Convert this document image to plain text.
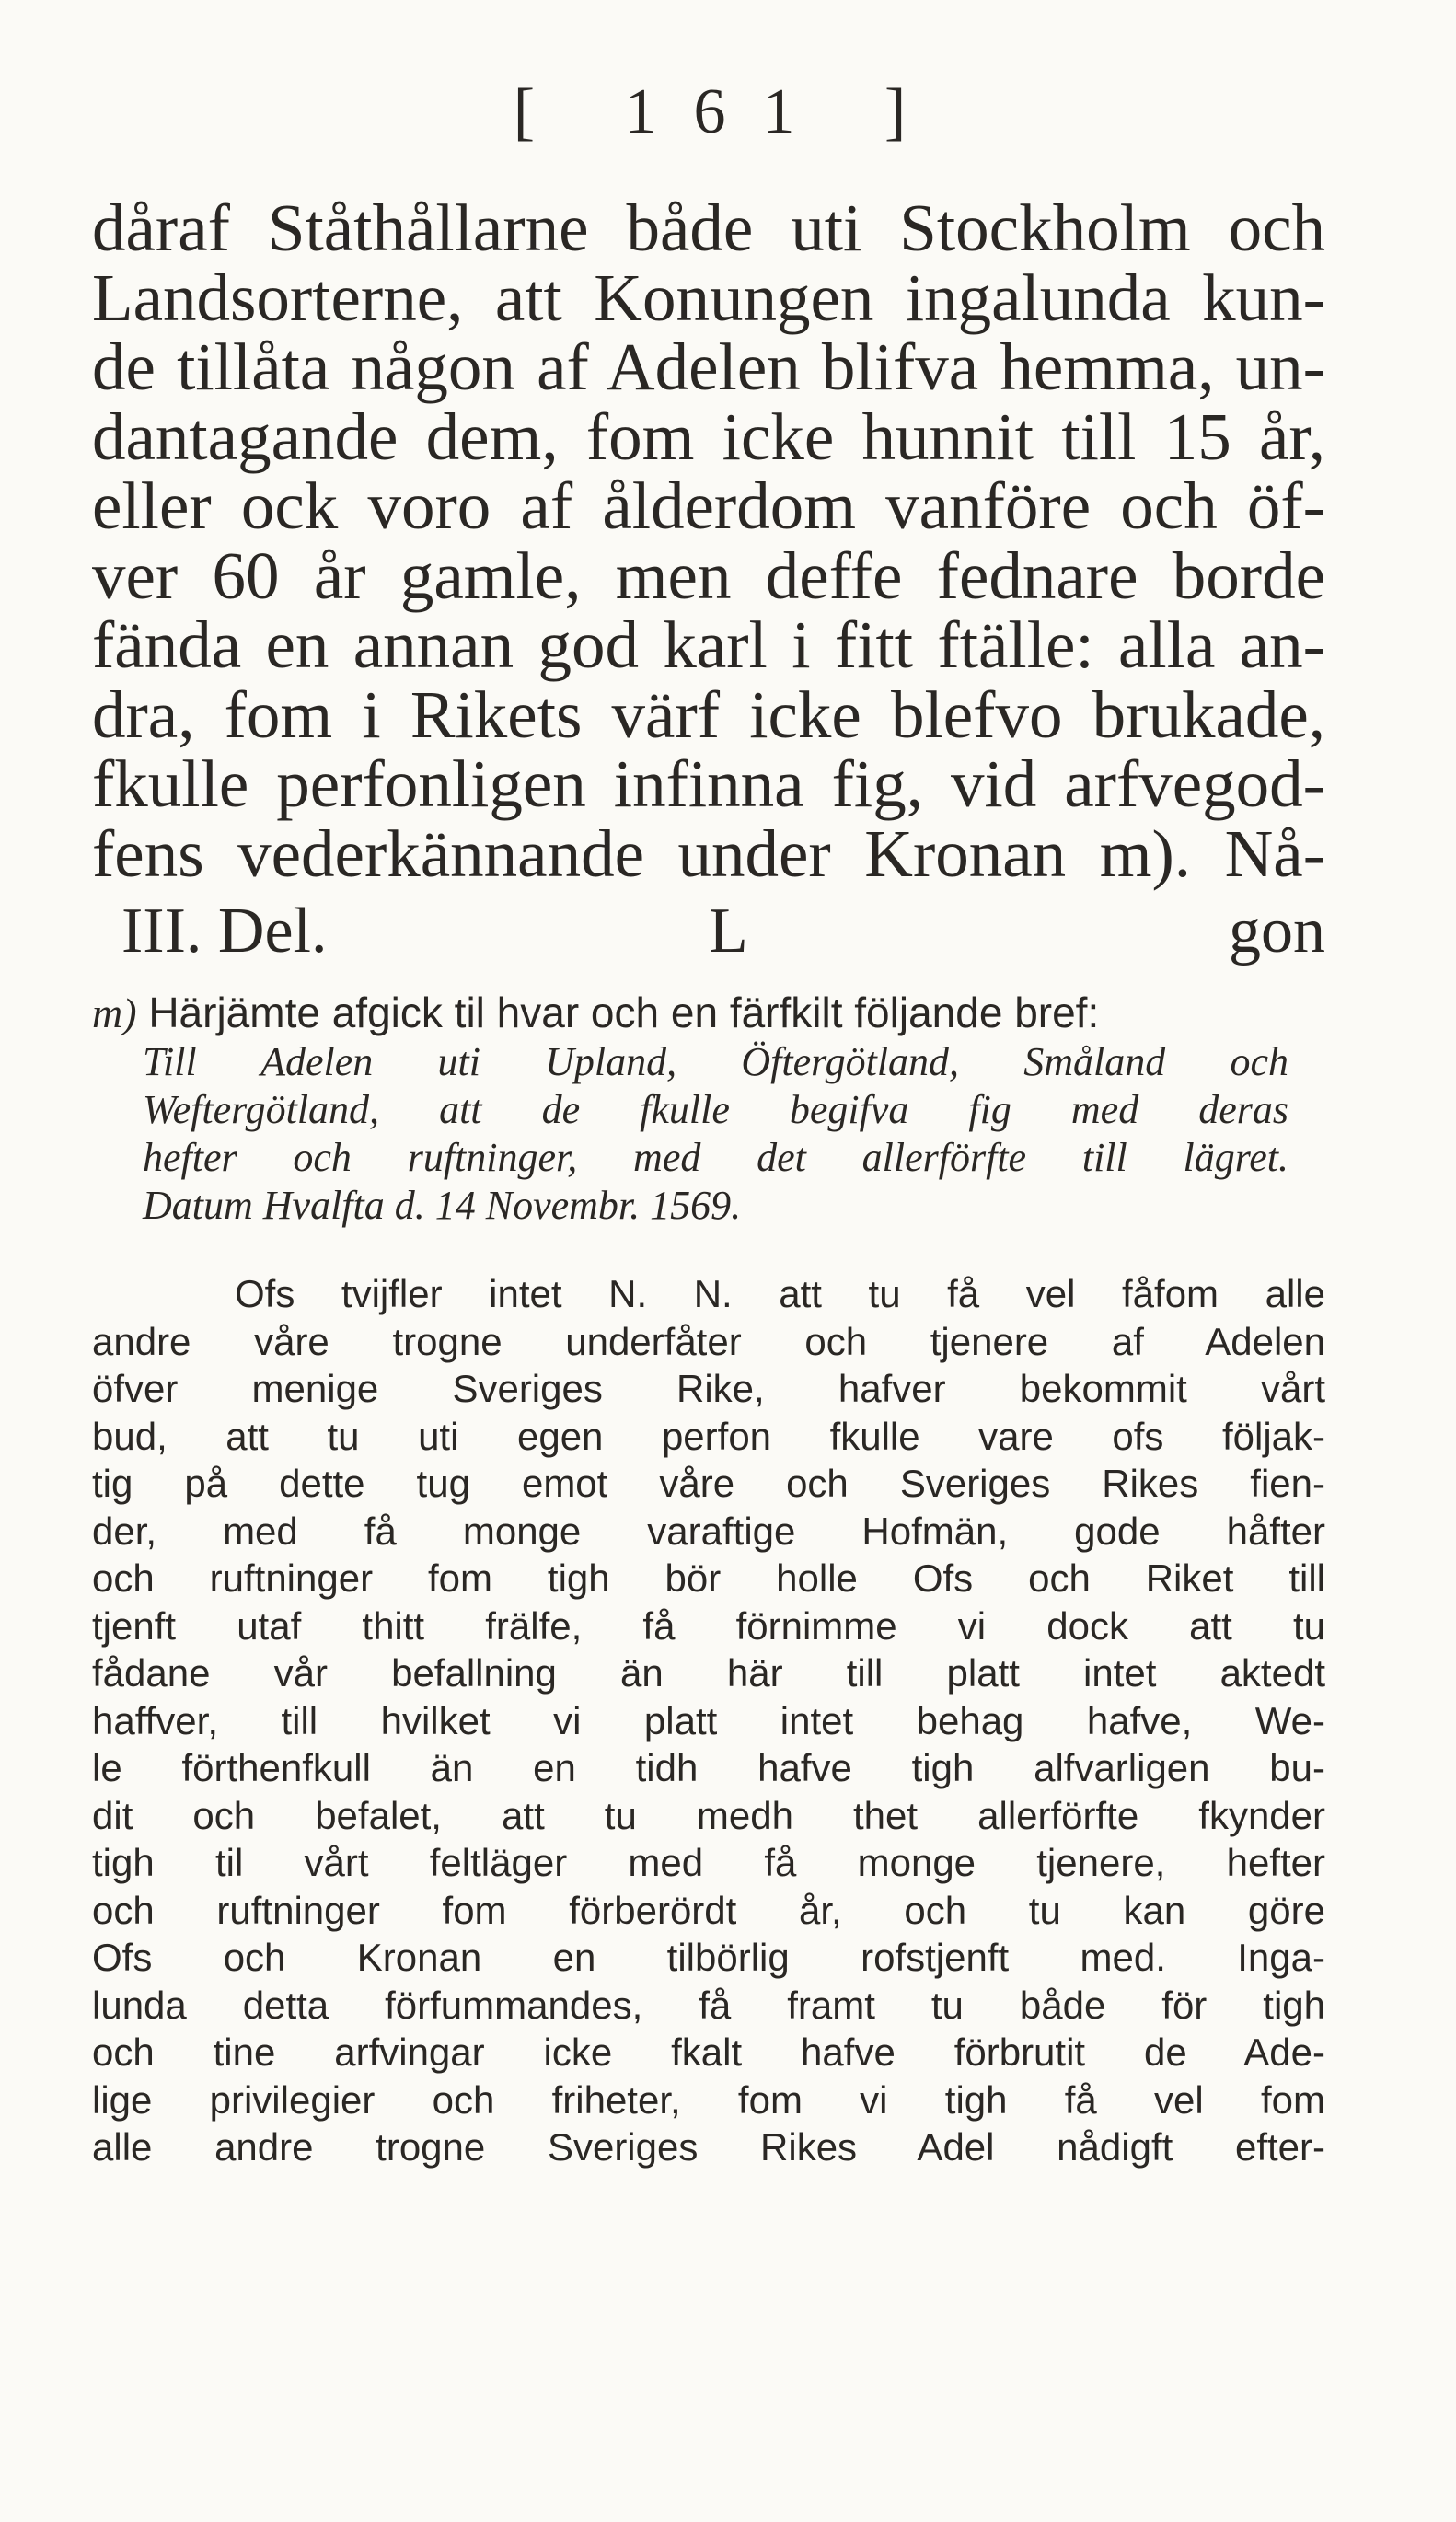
[ 161 ]
dåraf Ståthållarne både uti Stockholm och
Landsorterne, att Konungen ingalunda kun-
de tillåta någon af Adelen blifva hemma, un-
dantagande dem, fom icke hunnit till 15 år,
eller ock voro af ålderdom vanföre och öf-
ver 60 år gamle, men deffe fednare borde
fända en annan god karl i fitt ftälle: alla an-
dra, fom i Rikets värf icke blefvo brukade,
fkulle perfonligen infinna fig, vid arfvegod-
fens vederkännande under Kronan m). Nå-
III. Del.	L	gon
m) Härjämte afgick til hvar och en färfkilt följande bref:
Till Adelen uti Upland, Öftergötland, Småland och
Weftergötland, att de fkulle begifva fig med deras
hefter och ruftninger, med det allerförfte till lägret.
Datum Hvalfta d. 14 Novembr. 1569.
Ofs tvijfler intet N. N. att tu få vel fåfom alle
andre våre trogne underfåter och tjenere af Adelen
öfver menige Sveriges Rike, hafver bekommit vårt
bud, att tu uti egen perfon fkulle vare ofs följak-
tig på dette tug emot våre och Sveriges Rikes fien-
der, med få monge varaftige Hofmän, gode håfter
och ruftninger fom tigh bör holle Ofs och Riket till
tjenft utaf thitt frälfe, få förnimme vi dock att tu
fådane vår befallning än här till platt intet aktedt
haffver, till hvilket vi platt intet behag hafve, We-
le förthenfkull än en tidh hafve tigh alfvarligen bu-
dit och befalet, att tu medh thet allerförfte fkynder
tigh til vårt feltläger med få monge tjenere, hefter
och ruftninger fom förberördt år, och tu kan göre
Ofs och Kronan en tilbörlig rofstjenft med. Inga-
lunda detta förfummandes, få framt tu både för tigh
och tine arfvingar icke fkalt hafve förbrutit de Ade-
lige privilegier och friheter, fom vi tigh få vel fom
alle andre trogne Sveriges Rikes Adel nådigft efter-
